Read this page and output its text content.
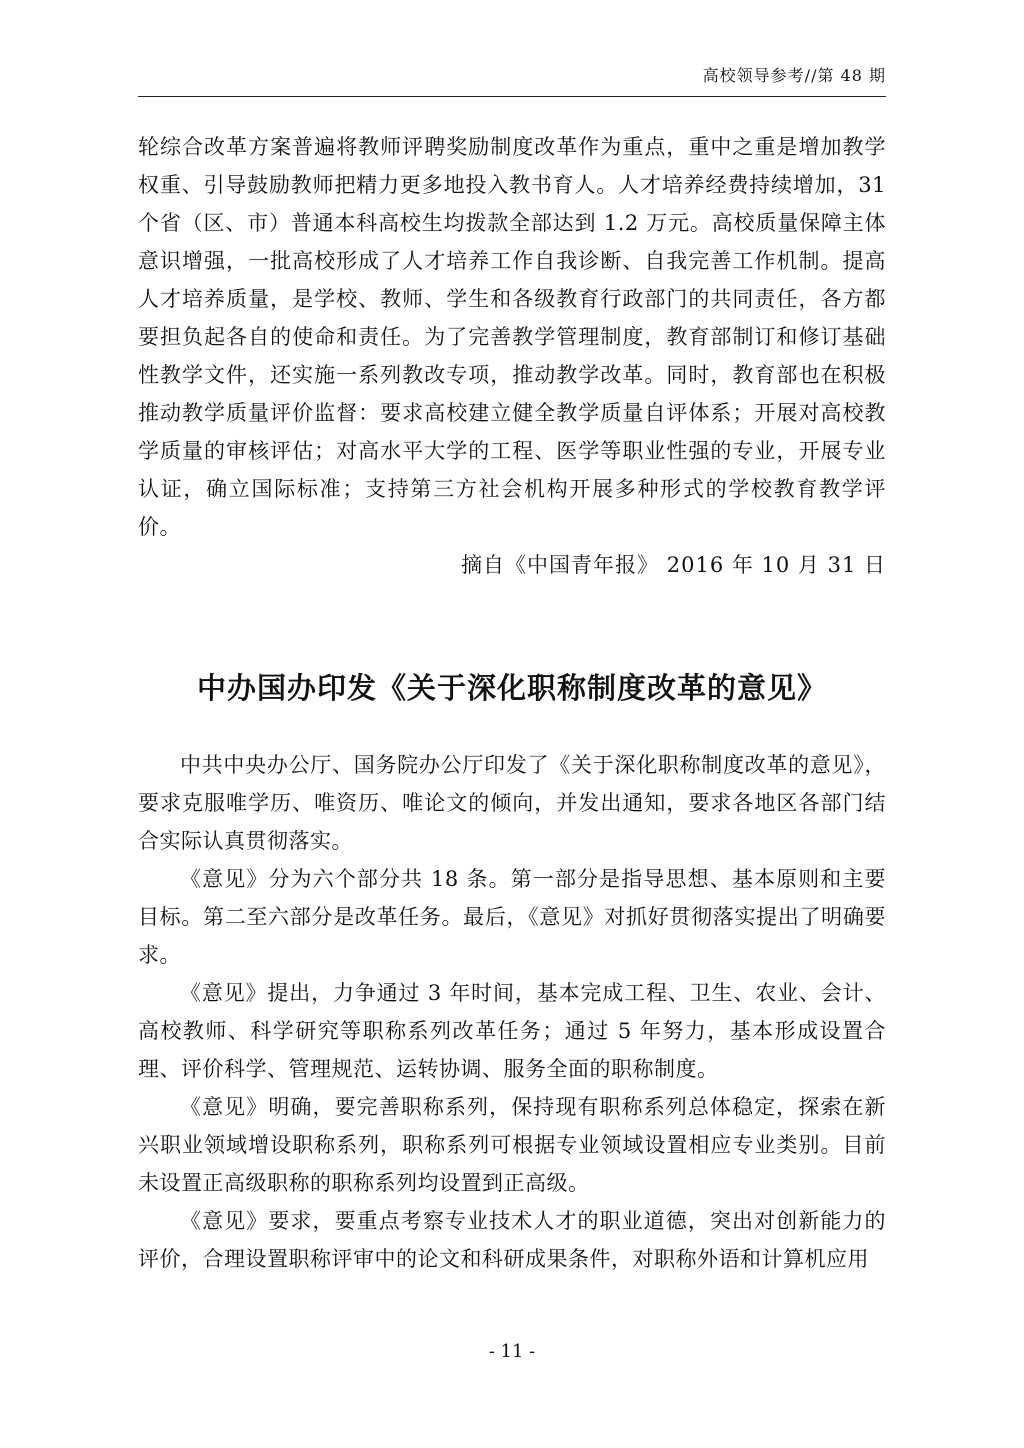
高校领导参考//第 48 期

轮综合改革方案普遍将教师评聘奖励制度改革作为重点，重中之重是增加教学权重、引导鼓励教师把精力更多地投入教书育人。人才培养经费持续增加，31个省（区、市）普通本科高校生均拨款全部达到 1.2 万元。高校质量保障主体意识增强，一批高校形成了人才培养工作自我诊断、自我完善工作机制。提高人才培养质量，是学校、教师、学生和各级教育行政部门的共同责任，各方都要担负起各自的使命和责任。为了完善教学管理制度，教育部制订和修订基础性教学文件，还实施一系列教改专项，推动教学改革。同时，教育部也在积极推动教学质量评价监督：要求高校建立健全教学质量自评体系；开展对高校教学质量的审核评估；对高水平大学的工程、医学等职业性强的专业，开展专业认证，确立国际标准；支持第三方社会机构开展多种形式的学校教育教学评价。

摘自《中国青年报》 2016 年 10 月 31 日

中办国办印发《关于深化职称制度改革的意见》

中共中央办公厅、国务院办公厅印发了《关于深化职称制度改革的意见》，要求克服唯学历、唯资历、唯论文的倾向，并发出通知，要求各地区各部门结合实际认真贯彻落实。

《意见》分为六个部分共 18 条。第一部分是指导思想、基本原则和主要目标。第二至六部分是改革任务。最后，《意见》对抓好贯彻落实提出了明确要求。

《意见》提出，力争通过 3 年时间，基本完成工程、卫生、农业、会计、高校教师、科学研究等职称系列改革任务；通过 5 年努力，基本形成设置合理、评价科学、管理规范、运转协调、服务全面的职称制度。

《意见》明确，要完善职称系列，保持现有职称系列总体稳定，探索在新兴职业领域增设职称系列，职称系列可根据专业领域设置相应专业类别。目前未设置正高级职称的职称系列均设置到正高级。

《意见》要求，要重点考察专业技术人才的职业道德，突出对创新能力的评价，合理设置职称评审中的论文和科研成果条件，对职称外语和计算机应用

- 11 -
